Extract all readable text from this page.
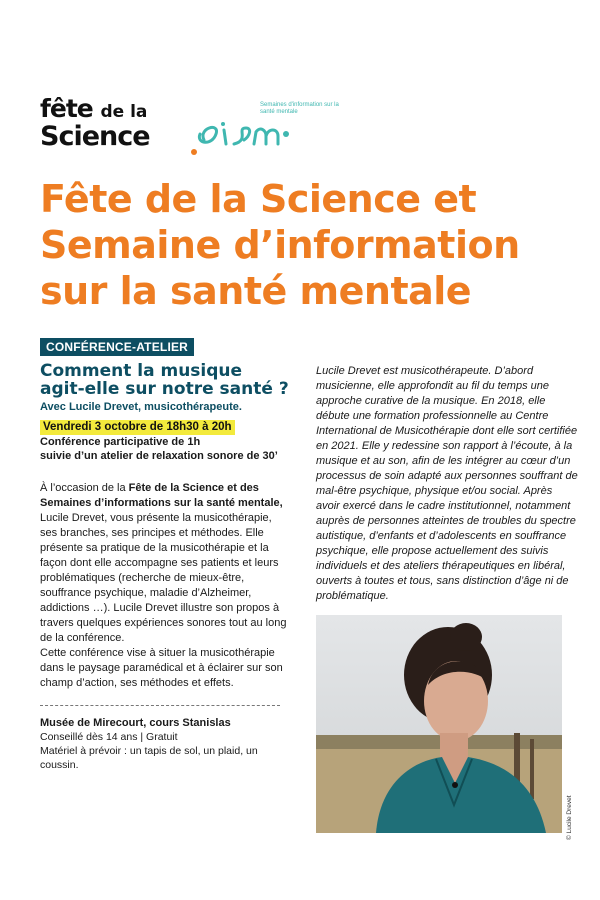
fête de la
Science
Semaines d'information sur la santé mentale
Fête de la Science et Semaine d’information sur la santé mentale
CONFÉRENCE-ATELIER
Comment la musique agit-elle sur notre santé ?
Avec Lucile Drevet, musicothérapeute.
Vendredi 3 octobre de 18h30 à 20h
Conférence participative de 1h
suivie d’un atelier de relaxation sonore de 30’

À l’occasion de la Fête de la Science et des Semaines d’informations sur la santé mentale, Lucile Drevet, vous présente la musicothérapie, ses branches, ses principes et méthodes. Elle présente sa pratique de la musicothérapie et la façon dont elle accompagne ses patients et leurs problématiques (recherche de mieux-être, souffrance psychique, maladie d’Alzheimer, addictions …). Lucile Drevet illustre son propos à travers quelques expériences sonores tout au long de la conférence.
Cette conférence vise à situer la musicothérapie dans le paysage paramédical et à éclairer sur son champ d’action, ses méthodes et effets.

Musée de Mirecourt, cours Stanislas
Conseillé dès 14 ans | Gratuit
Matériel à prévoir : un tapis de sol, un plaid, un coussin.

Lucile Drevet est musicothérapeute. D’abord musicienne, elle approfondit au fil du temps une approche curative de la musique. En 2018, elle débute une formation professionnelle au Centre International de Musicothérapie dont elle sort certifiée en 2021. Elle y redessine son rapport à l’écoute, à la musique et au son, afin de les intégrer au cœur d’un processus de soin adapté aux personnes souffrant de mal-être psychique, physique et/ou social. Après avoir exercé dans le cadre institutionnel, notamment auprès de personnes atteintes de troubles du spectre autistique, d’enfants et d’adolescents en souffrance psychique, elle propose actuellement des suivis individuels et des ateliers thérapeutiques en libéral, ouverts à toutes et tous, sans distinction d’âge ni de problématique.

© Lucile Drevet
